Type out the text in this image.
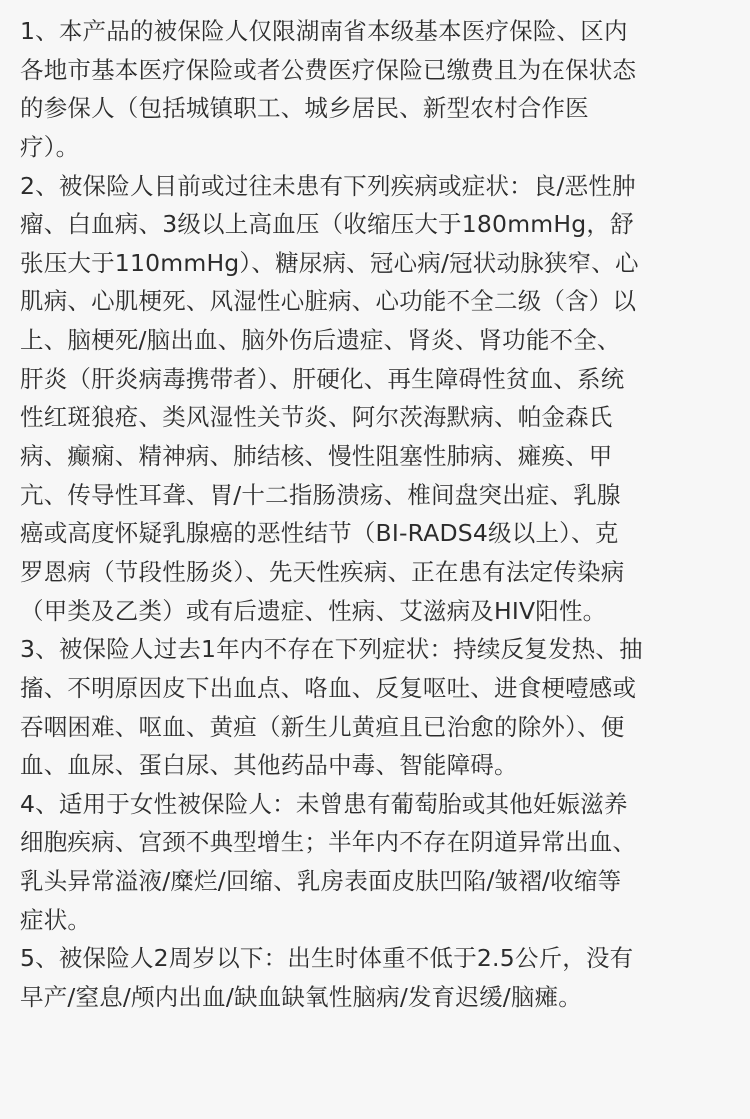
1、本产品的被保险人仅限湖南省本级基本医疗保险、区内
各地市基本医疗保险或者公费医疗保险已缴费且为在保状态
的参保人（包括城镇职工、城乡居民、新型农村合作医
疗）。
2、被保险人目前或过往未患有下列疾病或症状：良/恶性肿
瘤、白血病、3级以上高血压（收缩压大于180mmHg，舒
张压大于110mmHg）、糖尿病、冠心病/冠状动脉狭窄、心
肌病、心肌梗死、风湿性心脏病、心功能不全二级（含）以
上、脑梗死/脑出血、脑外伤后遗症、肾炎、肾功能不全、
肝炎（肝炎病毒携带者）、肝硬化、再生障碍性贫血、系统
性红斑狼疮、类风湿性关节炎、阿尔茨海默病、帕金森氏
病、癫痫、精神病、肺结核、慢性阻塞性肺病、瘫痪、甲
亢、传导性耳聋、胃/十二指肠溃疡、椎间盘突出症、乳腺
癌或高度怀疑乳腺癌的恶性结节（BI-RADS4级以上）、克
罗恩病（节段性肠炎）、先天性疾病、正在患有法定传染病
（甲类及乙类）或有后遗症、性病、艾滋病及HIV阳性。
3、被保险人过去1年内不存在下列症状：持续反复发热、抽
搐、不明原因皮下出血点、咯血、反复呕吐、进食梗噎感或
吞咽困难、呕血、黄疸（新生儿黄疸且已治愈的除外）、便
血、血尿、蛋白尿、其他药品中毒、智能障碍。
4、适用于女性被保险人：未曾患有葡萄胎或其他妊娠滋养
细胞疾病、宫颈不典型增生；半年内不存在阴道异常出血、
乳头异常溢液/糜烂/回缩、乳房表面皮肤凹陷/皱褶/收缩等
症状。
5、被保险人2周岁以下：出生时体重不低于2.5公斤，没有
早产/窒息/颅内出血/缺血缺氧性脑病/发育迟缓/脑瘫。
